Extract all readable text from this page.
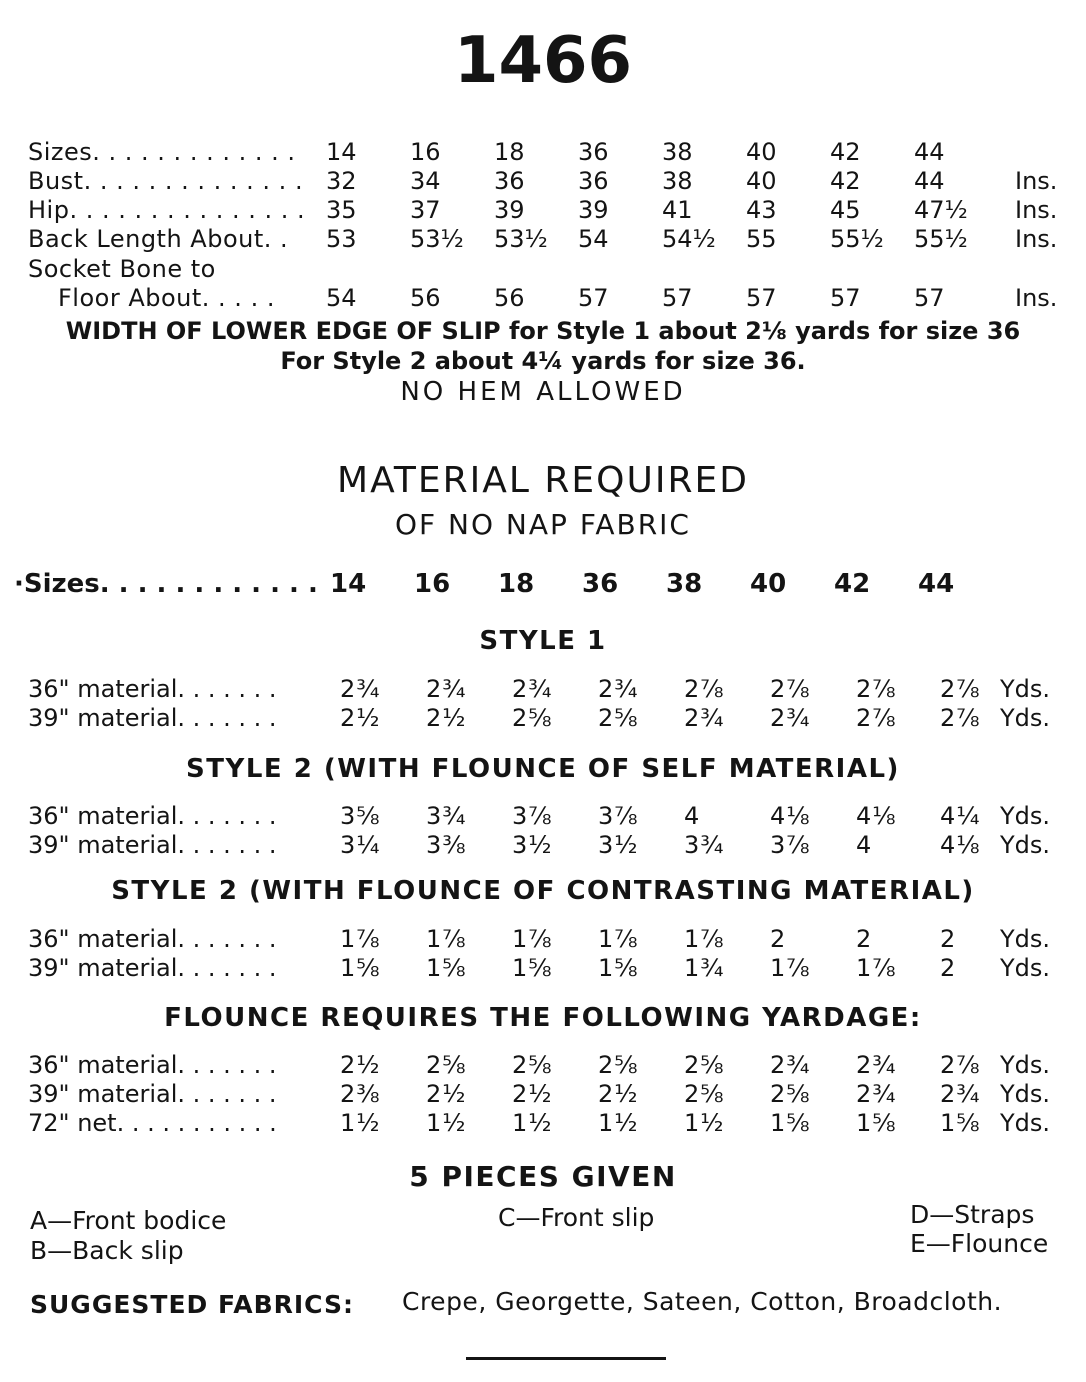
1466
Sizes. . . . . . . . . . . . . 14	16	18	36	38	40	42	44
Bust. . . . . . . . . . . . . . 32	34	36	36	38	40	42	44	Ins.
Hip. . . . . . . . . . . . . . . 35	37	39	39	41	43	45	47½	Ins.
Back Length About. . 53	53½	53½	54	54½	55	55½	55½	Ins.
Socket Bone to
Floor About. . . . . 54	56	56	57	57	57	57	57	Ins.
WIDTH OF LOWER EDGE OF SLIP for Style 1 about 2⅛ yards for size 36
For Style 2 about 4¼ yards for size 36.
NO HEM ALLOWED
MATERIAL REQUIRED
OF NO NAP FABRIC
·Sizes. . . . . . . . . . . . 14 16 18 36 38 40 42 44
STYLE 1
36" material. . . . . . .	2¾	2¾	2¾	2¾	2⅞	2⅞	2⅞	2⅞ Yds.
39" material. . . . . . .	2½	2½	2⅝	2⅝	2¾	2¾	2⅞	2⅞ Yds.
STYLE 2 (WITH FLOUNCE OF SELF MATERIAL)
36" material. . . . . . .	3⅝	3¾	3⅞	3⅞	4	4⅛	4⅛	4¼ Yds.
39" material. . . . . . .	3¼	3⅜	3½	3½	3¾	3⅞	4	4⅛ Yds.
STYLE 2 (WITH FLOUNCE OF CONTRASTING MATERIAL)
36" material. . . . . . .	1⅞	1⅞	1⅞	1⅞	1⅞	2	2	2	Yds.
39" material. . . . . . .	1⅝	1⅝	1⅝	1⅝	1¾	1⅞	1⅞	2	Yds.
FLOUNCE REQUIRES THE FOLLOWING YARDAGE:
36" material. . . . . . .	2½	2⅝	2⅝	2⅝	2⅝	2¾	2¾	2⅞ Yds.
39" material. . . . . . .	2⅜	2½	2½	2½	2⅝	2⅝	2¾	2¾ Yds.
72" net. . . . . . . . . . .	1½	1½	1½	1½	1½	1⅝	1⅝	1⅝ Yds.
5 PIECES GIVEN
A—Front bodice
B—Back slip
C—Front slip	D—Straps
E—Flounce
SUGGESTED FABRICS: Crepe, Georgette, Sateen, Cotton, Broadcloth.
